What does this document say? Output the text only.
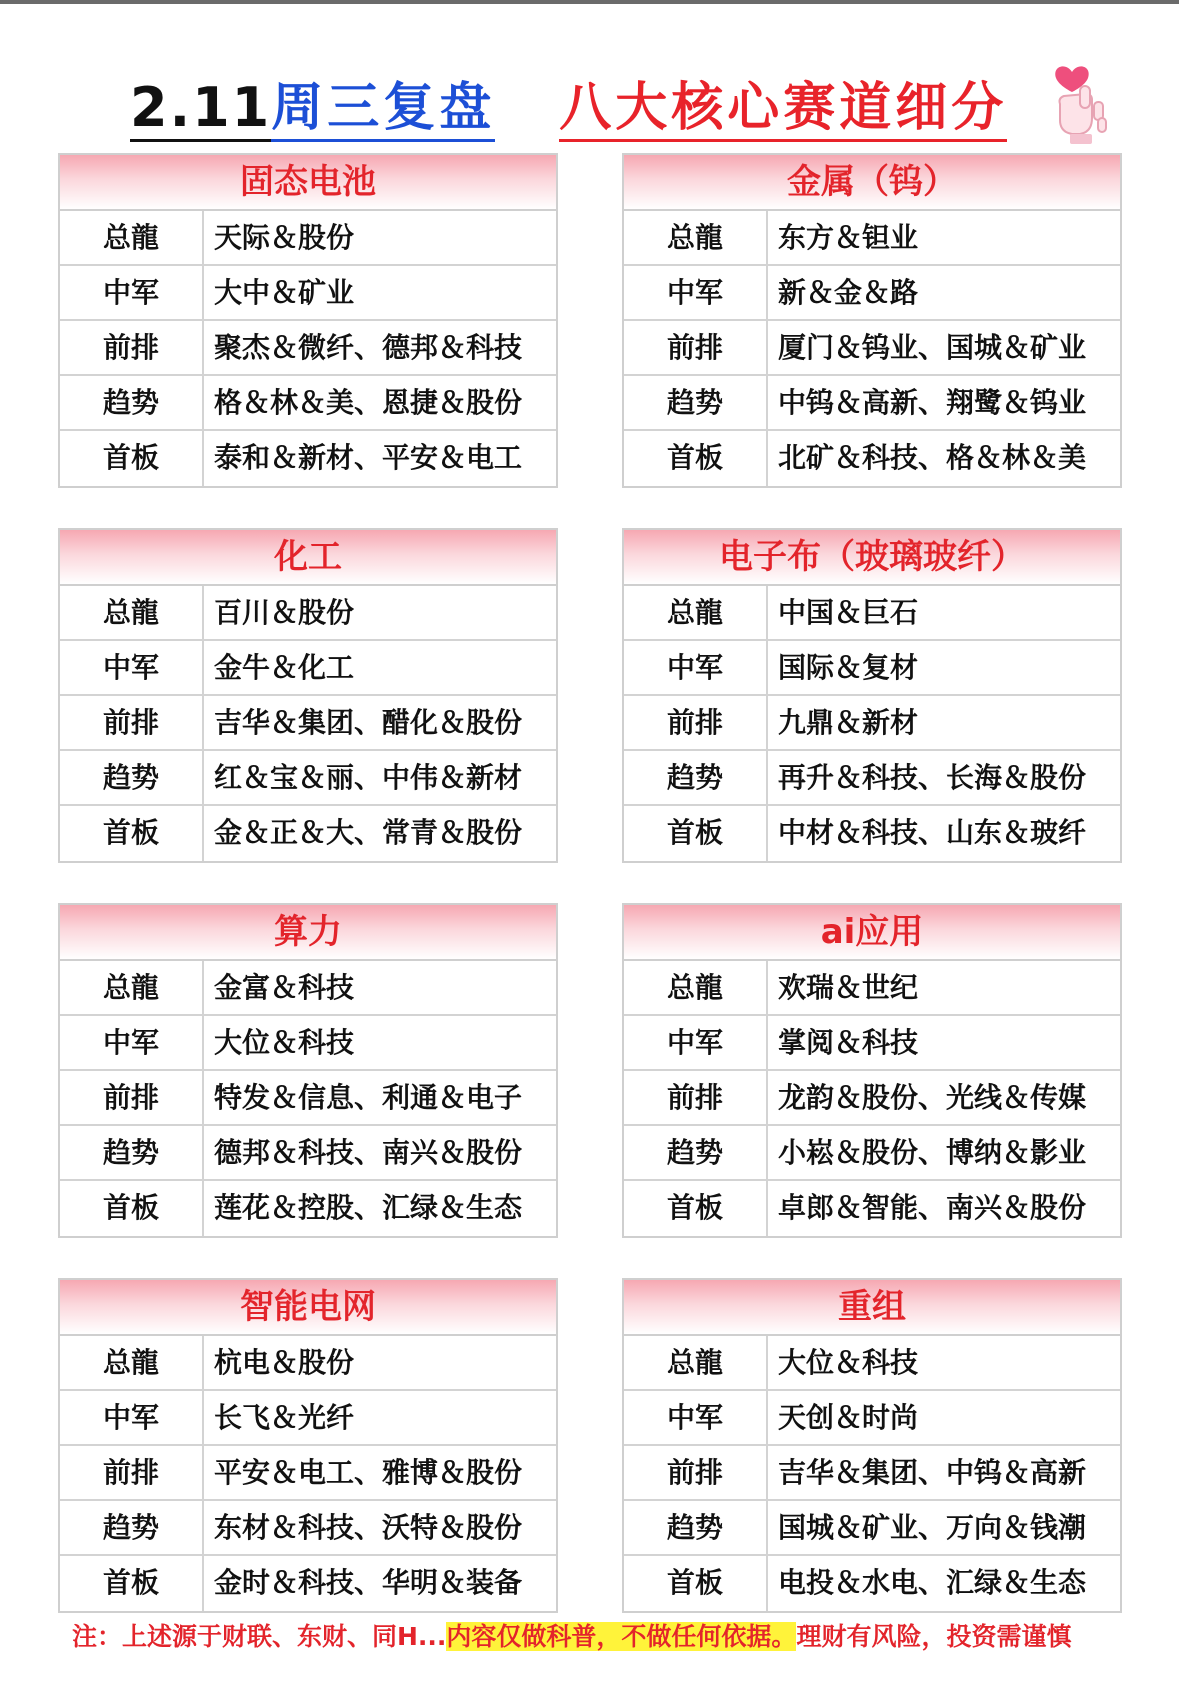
2.11 周三复盘 八大核心赛道细分
固态电池
总龍	天际＆股份
中军	大中＆矿业
前排	聚杰＆微纤、德邦＆科技
趋势	格＆林＆美、恩捷＆股份
首板	泰和＆新材、平安＆电工
金属（钨）
总龍	东方＆钽业
中军	新＆金＆路
前排	厦门＆钨业、国城＆矿业
趋势	中钨＆高新、翔鹭＆钨业
首板	北矿＆科技、格＆林＆美
化工
总龍	百川＆股份
中军	金牛＆化工
前排	吉华＆集团、醋化＆股份
趋势	红＆宝＆丽、中伟＆新材
首板	金＆正＆大、常青＆股份
电子布（玻璃玻纤）
总龍	中国＆巨石
中军	国际＆复材
前排	九鼎＆新材
趋势	再升＆科技、长海＆股份
首板	中材＆科技、山东＆玻纤
算力
总龍	金富＆科技
中军	大位＆科技
前排	特发＆信息、利通＆电子
趋势	德邦＆科技、南兴＆股份
首板	莲花＆控股、汇绿＆生态
ai应用
总龍	欢瑞＆世纪
中军	掌阅＆科技
前排	龙韵＆股份、光线＆传媒
趋势	小崧＆股份、博纳＆影业
首板	卓郎＆智能、南兴＆股份
智能电网
总龍	杭电＆股份
中军	长飞＆光纤
前排	平安＆电工、雅博＆股份
趋势	东材＆科技、沃特＆股份
首板	金时＆科技、华明＆装备
重组
总龍	大位＆科技
中军	天创＆时尚
前排	吉华＆集团、中钨＆高新
趋势	国城＆矿业、万向＆钱潮
首板	电投＆水电、汇绿＆生态
注：上述源于财联、东财、同H...内容仅做科普，不做任何依据。理财有风险，投资需谨慎
